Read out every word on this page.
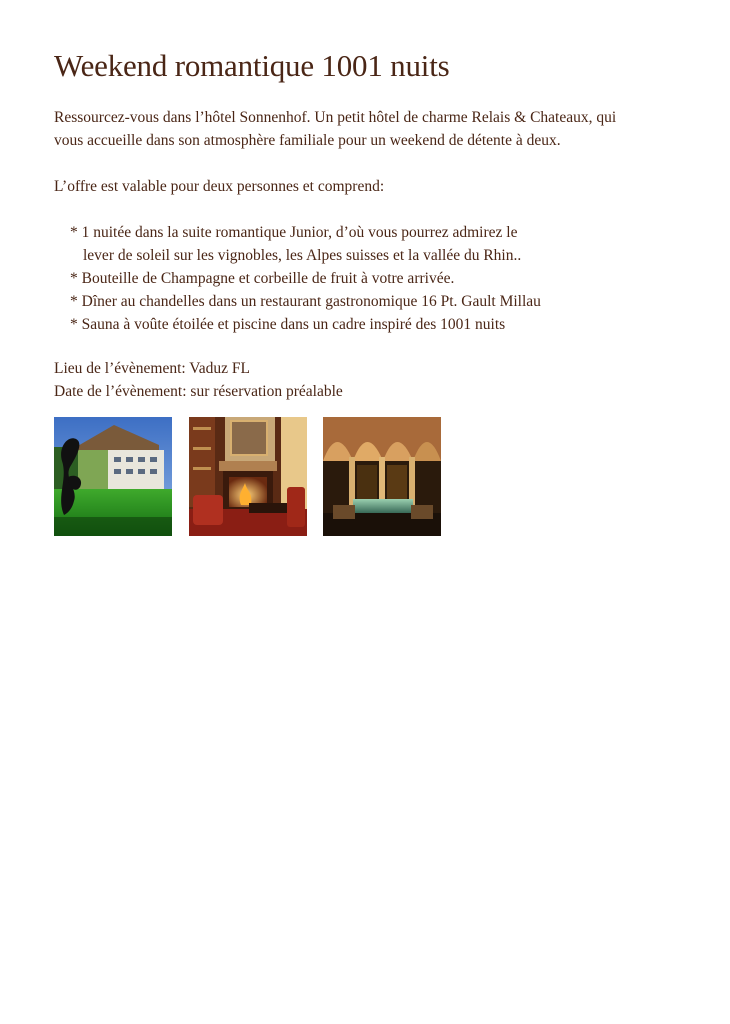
Weekend romantique 1001 nuits

Ressourcez-vous dans l’hôtel Sonnenhof. Un petit hôtel de charme Relais & Chateaux, qui

vous accueille dans son atmosphère familiale pour un weekend de détente à deux.

L’offre est valable pour deux personnes et comprend:

* 1 nuitée dans la suite romantique Junior, d’où vous pourrez admirez le

lever de soleil sur les vignobles, les Alpes suisses et la vallée du Rhin..

* Bouteille de Champagne et corbeille de fruit à votre arrivée.

* Dîner au chandelles dans un restaurant gastronomique 16 Pt. Gault Millau

* Sauna à voûte étoilée et piscine dans un cadre inspiré des 1001 nuits

Lieu de l’évènement: Vaduz FL

Date de l’évènement: sur réservation préalable
